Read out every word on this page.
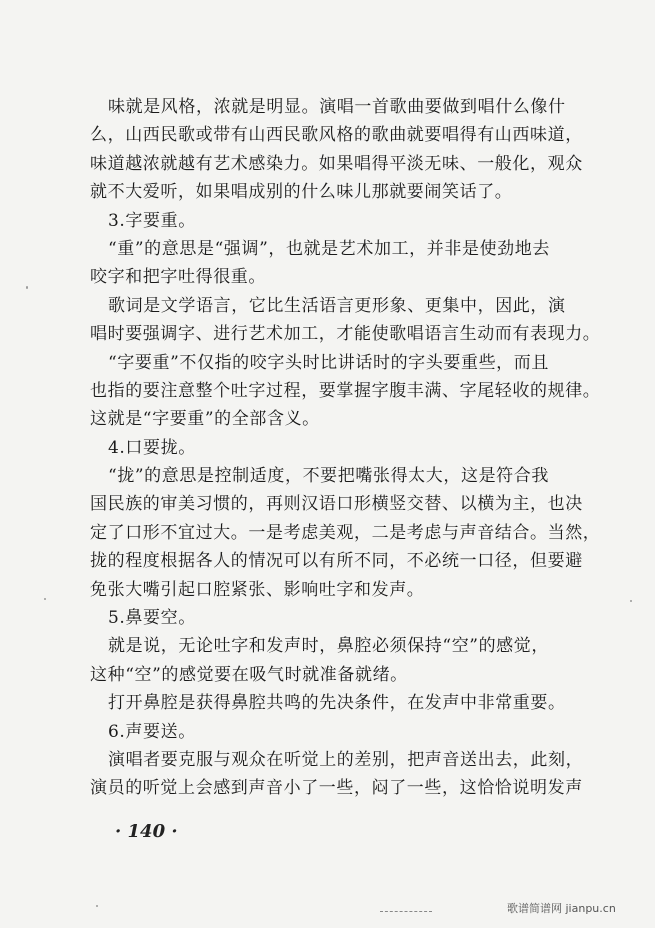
味就是风格，浓就是明显。演唱一首歌曲要做到唱什么像什
么，山西民歌或带有山西民歌风格的歌曲就要唱得有山西味道，
味道越浓就越有艺术感染力。如果唱得平淡无味、一般化，观众
就不大爱听，如果唱成别的什么味儿那就要闹笑话了。
3.字要重。
“重”的意思是“强调”，也就是艺术加工，并非是使劲地去
咬字和把字吐得很重。
歌词是文学语言，它比生活语言更形象、更集中，因此，演
唱时要强调字、进行艺术加工，才能使歌唱语言生动而有表现力。
“字要重”不仅指的咬字头时比讲话时的字头要重些，而且
也指的要注意整个吐字过程，要掌握字腹丰满、字尾轻收的规律。
这就是“字要重”的全部含义。
4.口要拢。
“拢”的意思是控制适度，不要把嘴张得太大，这是符合我
国民族的审美习惯的，再则汉语口形横竖交替、以横为主，也决
定了口形不宜过大。一是考虑美观，二是考虑与声音结合。当然，
拢的程度根据各人的情况可以有所不同，不必统一口径，但要避
免张大嘴引起口腔紧张、影响吐字和发声。
5.鼻要空。
就是说，无论吐字和发声时，鼻腔必须保持“空”的感觉，
这种“空”的感觉要在吸气时就准备就绪。
打开鼻腔是获得鼻腔共鸣的先决条件，在发声中非常重要。
6.声要送。
演唱者要克服与观众在听觉上的差别，把声音送出去，此刻，
演员的听觉上会感到声音小了一些，闷了一些，这恰恰说明发声
· 140 ·
歌谱简谱网 jianpu.cn
